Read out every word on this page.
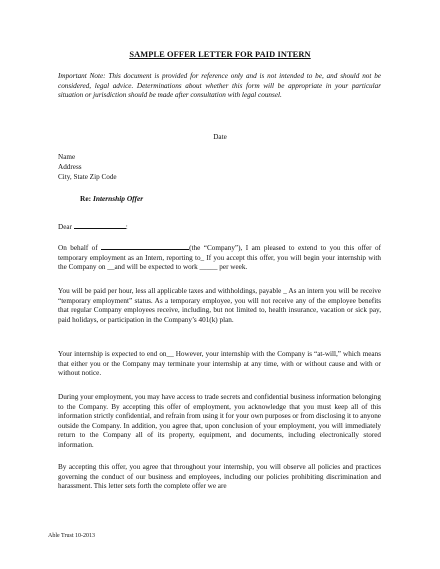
SAMPLE OFFER LETTER FOR PAID INTERN
Important Note: This document is provided for reference only and is not intended to be, and should not be considered, legal advice. Determinations about whether this form will be appropriate in your particular situation or jurisdiction should be made after consultation with legal counsel.
Date
Name
Address
City, State Zip Code
Re: Internship Offer
Dear	:
On behalf of	(the “Company”), I am pleased to extend to you this offer of temporary employment as an Intern, reporting to_ If you accept this offer, you will begin your internship with the Company on __and will be expected to work _____ per week.
You will be paid per hour, less all applicable taxes and withholdings, payable _ As an intern you will be receive “temporary employment” status. As a temporary employee, you will not receive any of the employee benefits that regular Company employees receive, including, but not limited to, health insurance, vacation or sick pay, paid holidays, or participation in the Company’s 401(k) plan.
Your internship is expected to end on__ However, your internship with the Company is “at-will,” which means that either you or the Company may terminate your internship at any time, with or without cause and with or without notice.
During your employment, you may have access to trade secrets and confidential business information belonging to the Company. By accepting this offer of employment, you acknowledge that you must keep all of this information strictly confidential, and refrain from using it for your own purposes or from disclosing it to anyone outside the Company. In addition, you agree that, upon conclusion of your employment, you will immediately return to the Company all of its property, equipment, and documents, including electronically stored information.
By accepting this offer, you agree that throughout your internship, you will observe all policies and practices governing the conduct of our business and employees, including our policies prohibiting discrimination and harassment. This letter sets forth the complete offer we are
Able Trust 10-2013
